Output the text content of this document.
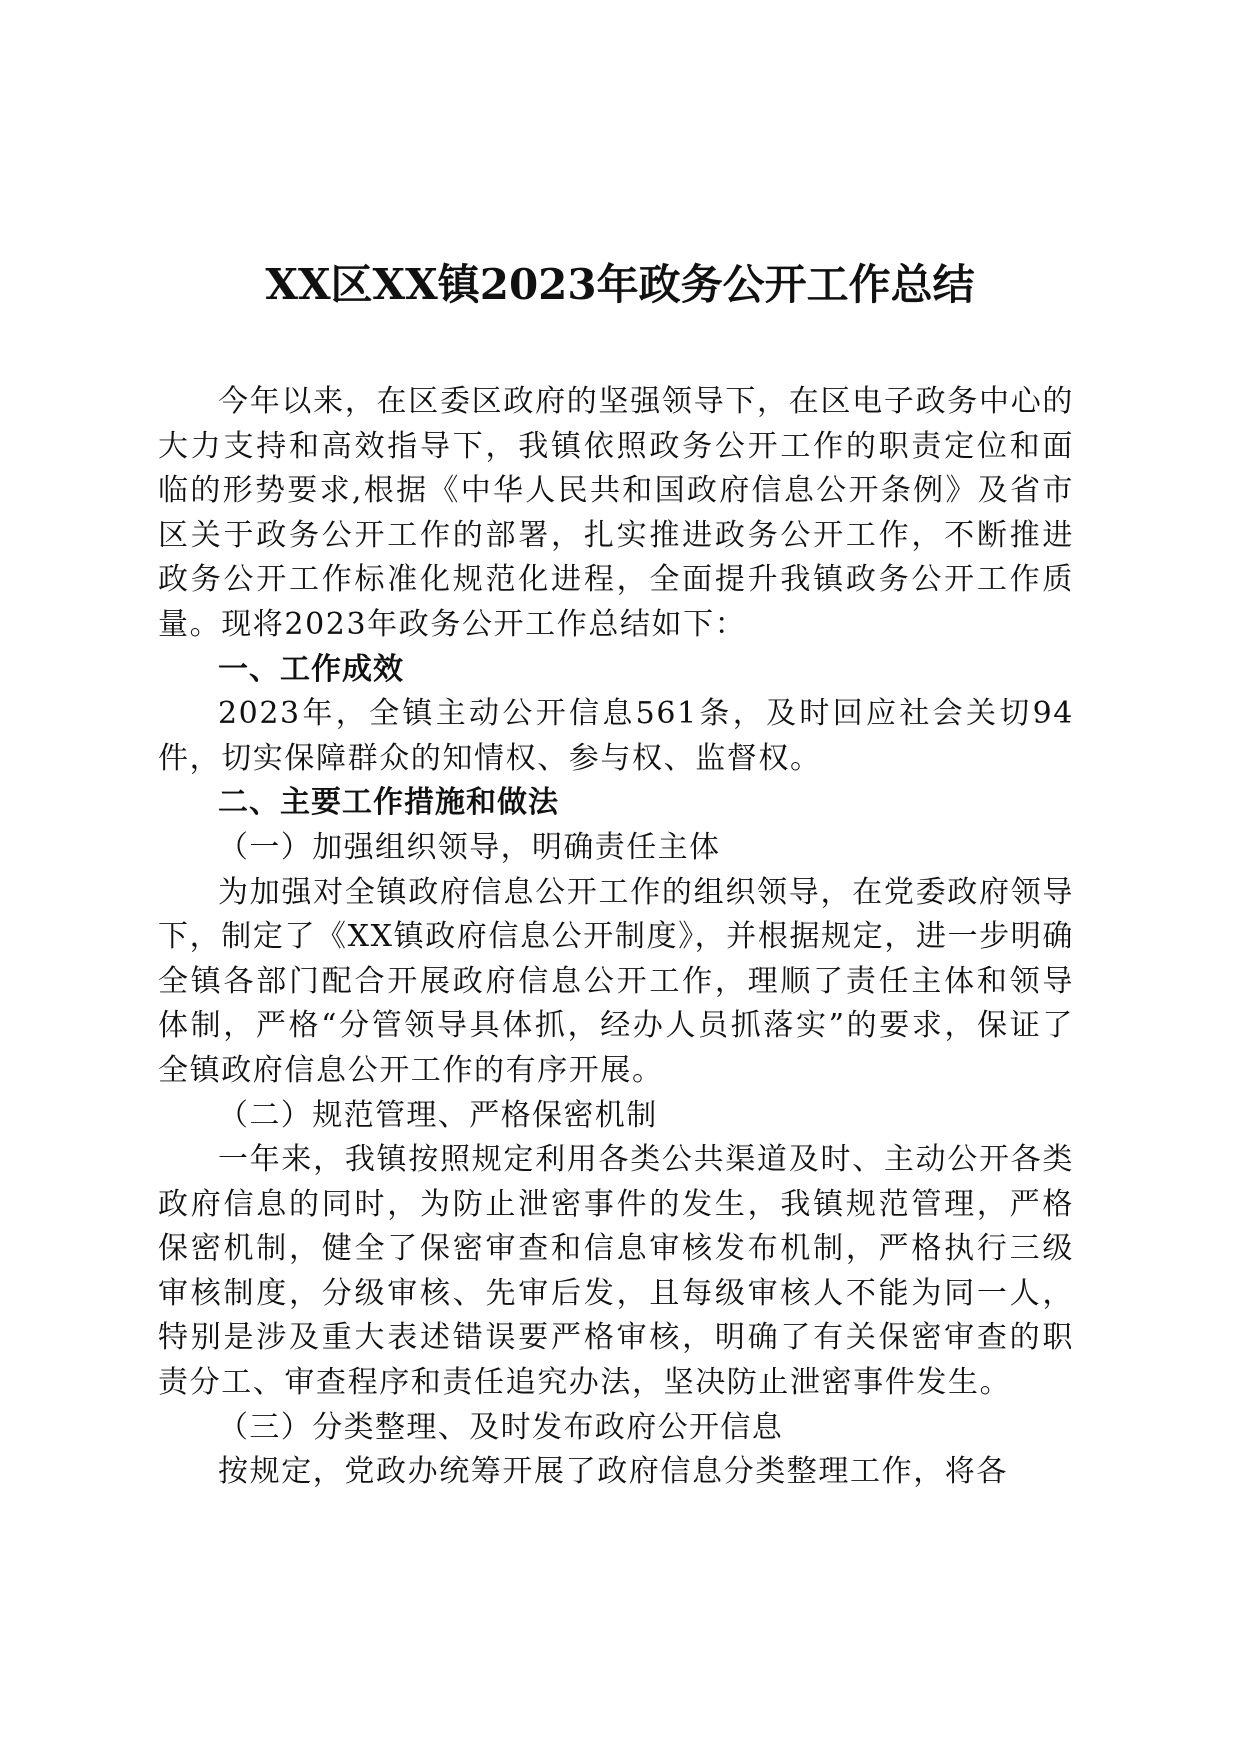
XX区XX镇2023年政务公开工作总结

今年以来，在区委区政府的坚强领导下，在区电子政务中心的大力支持和高效指导下，我镇依照政务公开工作的职责定位和面临的形势要求,根据《中华人民共和国政府信息公开条例》及省市区关于政务公开工作的部署，扎实推进政务公开工作，不断推进政务公开工作标准化规范化进程，全面提升我镇政务公开工作质量。现将2023年政务公开工作总结如下：

一、工作成效

2023年，全镇主动公开信息561条，及时回应社会关切94件，切实保障群众的知情权、参与权、监督权。

二、主要工作措施和做法

（一）加强组织领导，明确责任主体

为加强对全镇政府信息公开工作的组织领导，在党委政府领导下，制定了《XX镇政府信息公开制度》，并根据规定，进一步明确全镇各部门配合开展政府信息公开工作，理顺了责任主体和领导体制，严格“分管领导具体抓，经办人员抓落实”的要求，保证了全镇政府信息公开工作的有序开展。

（二）规范管理、严格保密机制

一年来，我镇按照规定利用各类公共渠道及时、主动公开各类政府信息的同时，为防止泄密事件的发生，我镇规范管理，严格保密机制，健全了保密审查和信息审核发布机制，严格执行三级审核制度，分级审核、先审后发，且每级审核人不能为同一人，特别是涉及重大表述错误要严格审核，明确了有关保密审查的职责分工、审查程序和责任追究办法，坚决防止泄密事件发生。

（三）分类整理、及时发布政府公开信息

按规定，党政办统筹开展了政府信息分类整理工作，将各
